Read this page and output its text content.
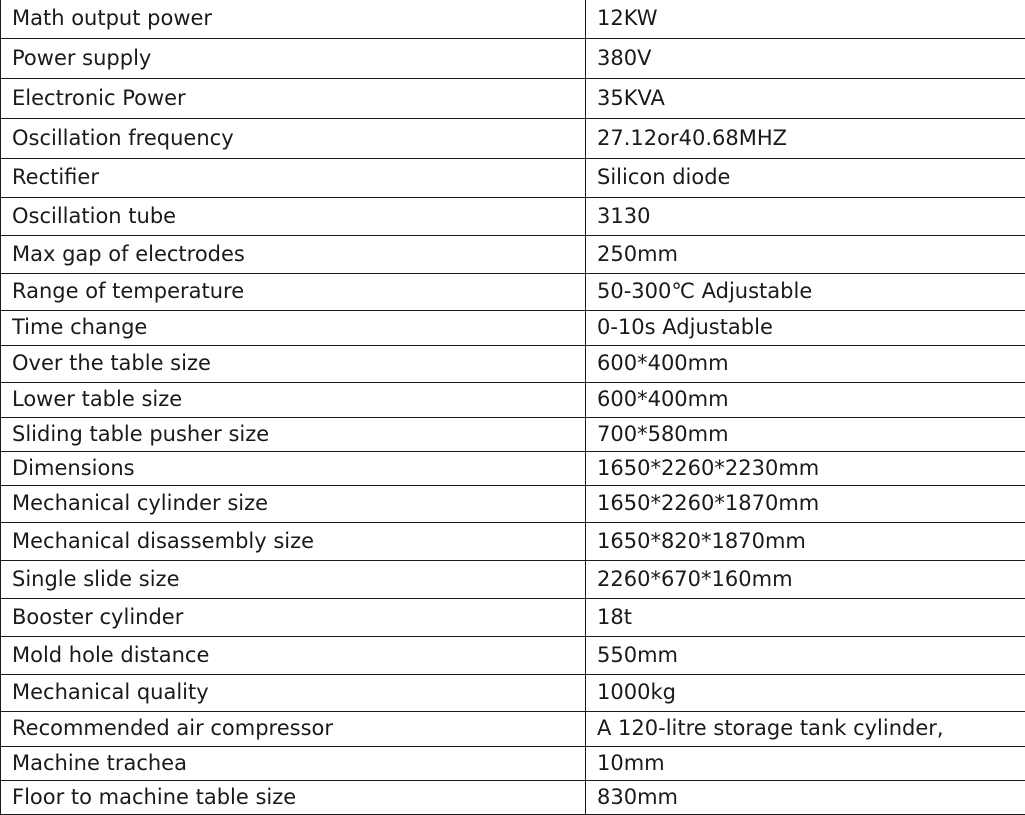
Math output power	12KW
Power supply	380V
Electronic Power	35KVA
Oscillation frequency	27.12or40.68MHZ
Rectifier	Silicon diode
Oscillation tube	3130
Max gap of electrodes	250mm
Range of temperature	50-300℃ Adjustable
Time change	0-10s Adjustable
Over the table size	600*400mm
Lower table size	600*400mm
Sliding table pusher size	700*580mm
Dimensions	1650*2260*2230mm
Mechanical cylinder size	1650*2260*1870mm
Mechanical disassembly size	1650*820*1870mm
Single slide size	2260*670*160mm
Booster cylinder	18t
Mold hole distance	550mm
Mechanical quality	1000kg
Recommended air compressor	A 120-litre storage tank cylinder,
Machine trachea	10mm
Floor to machine table size	830mm
